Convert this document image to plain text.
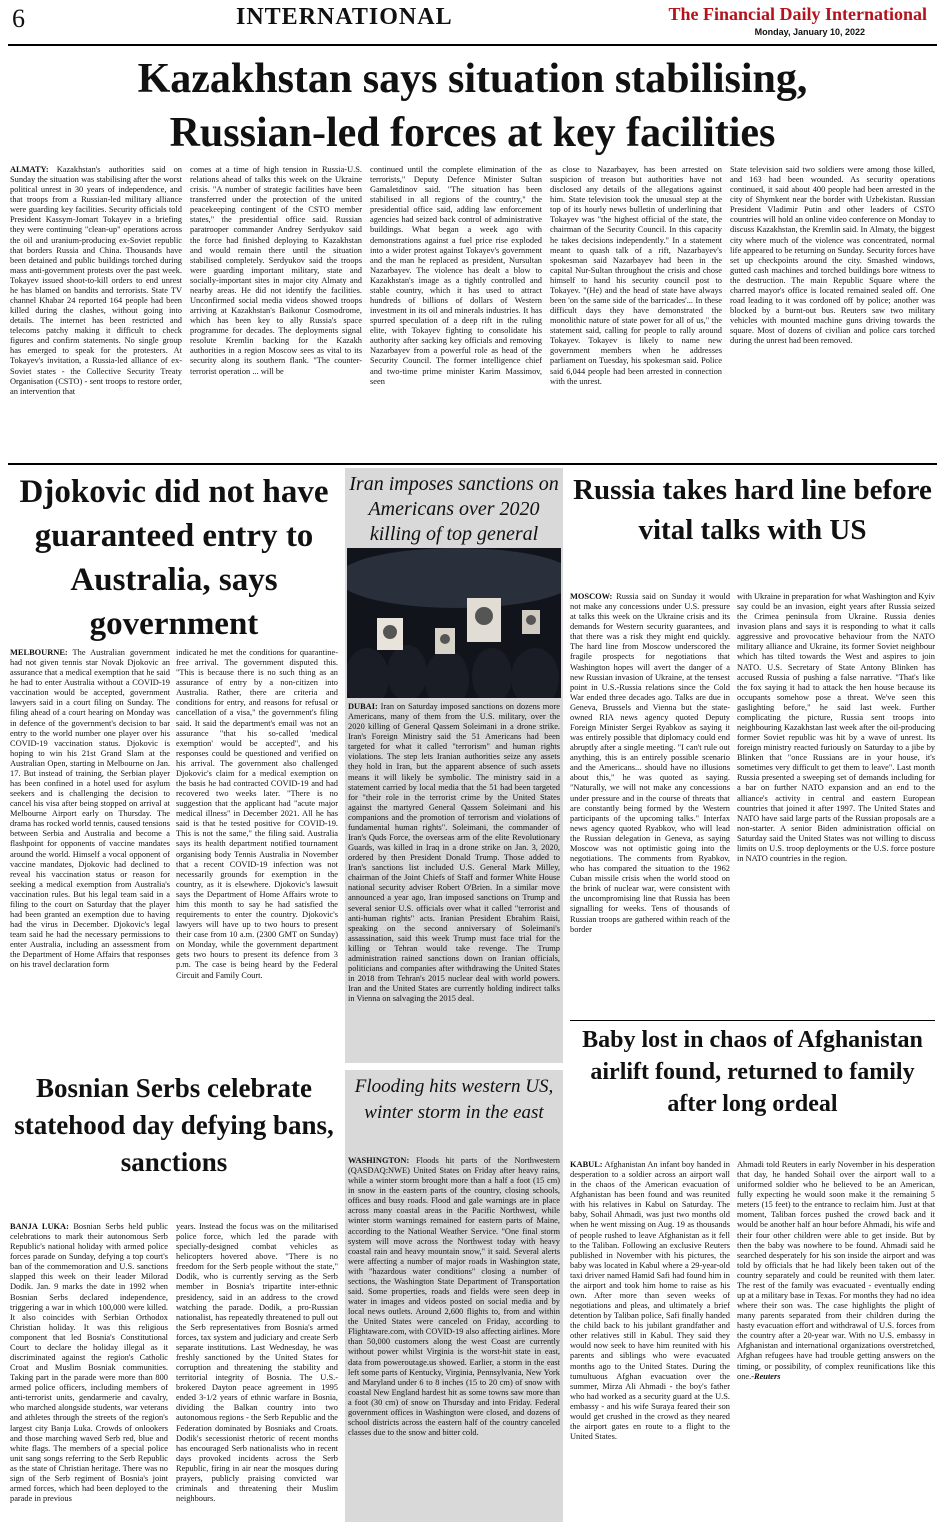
6	INTERNATIONAL	The Financial Daily International
Monday, January 10, 2022
Kazakhstan says situation stabilising,
Russian-led forces at key facilities

ALMATY: Kazakhstan's authorities said on Sunday the situation was stabilising after the worst political unrest in 30 years of independence, and that troops from a Russian-led military alliance were guarding key facilities. Security officials told President Kassym-Jomart Tokayev in a briefing they were continuing "clean-up" operations across the oil and uranium-producing ex-Soviet republic that borders Russia and China. Thousands have been detained and public buildings torched during mass anti-government protests over the past week. Tokayev issued shoot-to-kill orders to end unrest he has blamed on bandits and terrorists. State TV channel Khabar 24 reported 164 people had been killed during the clashes, without going into details. The internet has been restricted and telecoms patchy making it difficult to check figures and confirm statements. No single group has emerged to speak for the protesters. At Tokayev's invitation, a Russia-led alliance of ex-Soviet states - the Collective Security Treaty Organisation (CSTO) - sent troops to restore order, an intervention that

comes at a time of high tension in Russia-U.S. relations ahead of talks this week on the Ukraine crisis. "A number of strategic facilities have been transferred under the protection of the united peacekeeping contingent of the CSTO member states," the presidential office said. Russian paratrooper commander Andrey Serdyukov said the force had finished deploying to Kazakhstan and would remain there until the situation stabilised completely. Serdyukov said the troops were guarding important military, state and socially-important sites in major city Almaty and nearby areas. He did not identify the facilities. Unconfirmed social media videos showed troops arriving at Kazakhstan's Baikonur Cosmodrome, which has been key to ally Russia's space programme for decades. The deployments signal resolute Kremlin backing for the Kazakh authorities in a region Moscow sees as vital to its security along its southern flank. "The counter-terrorist operation ... will be

continued until the complete elimination of the terrorists," Deputy Defence Minister Sultan Gamaletdinov said. "The situation has been stabilised in all regions of the country," the presidential office said, adding law enforcement agencies had seized back control of administrative buildings. What began a week ago with demonstrations against a fuel price rise exploded into a wider protest against Tokayev's government and the man he replaced as president, Nursultan Nazarbayev. The violence has dealt a blow to Kazakhstan's image as a tightly controlled and stable country, which it has used to attract hundreds of billions of dollars of Western investment in its oil and minerals industries. It has spurred speculation of a deep rift in the ruling elite, with Tokayev fighting to consolidate his authority after sacking key officials and removing Nazarbayev from a powerful role as head of the Security Council. The former intelligence chief and two-time prime minister Karim Massimov, seen

as close to Nazarbayev, has been arrested on suspicion of treason but authorities have not disclosed any details of the allegations against him. State television took the unusual step at the top of its hourly news bulletin of underlining that Tokayev was "the highest official of the state, the chairman of the Security Council. In this capacity he takes decisions independently." In a statement meant to quash talk of a rift, Nazarbayev's spokesman said Nazarbayev had been in the capital Nur-Sultan throughout the crisis and chose himself to hand his security council post to Tokayev. "(He) and the head of state have always been 'on the same side of the barricades'... In these difficult days they have demonstrated the monolithic nature of state power for all of us," the statement said, calling for people to rally around Tokayev. Tokayev is likely to name new government members when he addresses parliament on Tuesday, his spokesman said. Police said 6,044 people had been arrested in connection with the unrest.

State television said two soldiers were among those killed, and 163 had been wounded. As security operations continued, it said about 400 people had been arrested in the city of Shymkent near the border with Uzbekistan. Russian President Vladimir Putin and other leaders of CSTO countries will hold an online video conference on Monday to discuss Kazakhstan, the Kremlin said. In Almaty, the biggest city where much of the violence was concentrated, normal life appeared to be returning on Sunday. Security forces have set up checkpoints around the city. Smashed windows, gutted cash machines and torched buildings bore witness to the destruction. The main Republic Square where the charred mayor's office is located remained sealed off. One road leading to it was cordoned off by police; another was blocked by a burnt-out bus. Reuters saw two military vehicles with mounted machine guns driving towards the square. Most of dozens of civilian and police cars torched during the unrest had been removed.

Djokovic did not have guaranteed entry to Australia, says government

MELBOURNE: The Australian government had not given tennis star Novak Djokovic an assurance that a medical exemption that he said he had to enter Australia without a COVID-19 vaccination would be accepted, government lawyers said in a court filing on Sunday. The filing ahead of a court hearing on Monday was in defence of the government's decision to bar entry to the world number one player over his COVID-19 vaccination status. Djokovic is hoping to win his 21st Grand Slam at the Australian Open, starting in Melbourne on Jan. 17. But instead of training, the Serbian player has been confined in a hotel used for asylum seekers and is challenging the decision to cancel his visa after being stopped on arrival at Melbourne Airport early on Thursday. The drama has rocked world tennis, caused tensions between Serbia and Australia and become a flashpoint for opponents of vaccine mandates around the world. Himself a vocal opponent of vaccine mandates, Djokovic had declined to reveal his vaccination status or reason for seeking a medical exemption from Australia's vaccination rules. But his legal team said in a filing to the court on Saturday that the player had been granted an exemption due to having had the virus in December. Djokovic's legal team said he had the necessary permissions to enter Australia, including an assessment from the Department of Home Affairs that responses on his travel declaration form

indicated he met the conditions for quarantine-free arrival. The government disputed this. "This is because there is no such thing as an assurance of entry by a non-citizen into Australia. Rather, there are criteria and conditions for entry, and reasons for refusal or cancellation of a visa," the government's filing said. It said the department's email was not an assurance "that his so-called 'medical exemption' would be accepted", and his responses could be questioned and verified on his arrival. The government also challenged Djokovic's claim for a medical exemption on the basis he had contracted COVID-19 and had recovered two weeks later. "There is no suggestion that the applicant had "acute major medical illness" in December 2021. All he has said is that he tested positive for COVID-19. This is not the same," the filing said. Australia says its health department notified tournament organising body Tennis Australia in November that a recent COVID-19 infection was not necessarily grounds for exemption in the country, as it is elsewhere. Djokovic's lawsuit says the Department of Home Affairs wrote to him this month to say he had satisfied the requirements to enter the country. Djokovic's lawyers will have up to two hours to present their case from 10 a.m. (2300 GMT on Sunday) on Monday, while the government department gets two hours to present its defence from 3 p.m. The case is being heard by the Federal Circuit and Family Court.

Iran imposes sanctions on Americans over 2020 killing of top general

DUBAI: Iran on Saturday imposed sanctions on dozens more Americans, many of them from the U.S. military, over the 2020 killing of General Qassem Soleimani in a drone strike. Iran's Foreign Ministry said the 51 Americans had been targeted for what it called "terrorism" and human rights violations. The step lets Iranian authorities seize any assets they hold in Iran, but the apparent absence of such assets means it will likely be symbolic. The ministry said in a statement carried by local media that the 51 had been targeted for "their role in the terrorist crime by the United States against the martyred General Qassem Soleimani and his companions and the promotion of terrorism and violations of fundamental human rights". Soleimani, the commander of Iran's Quds Force, the overseas arm of the elite Revolutionary Guards, was killed in Iraq in a drone strike on Jan. 3, 2020, ordered by then President Donald Trump. Those added to Iran's sanctions list included U.S. General Mark Milley, chairman of the Joint Chiefs of Staff and former White House national security adviser Robert O'Brien. In a similar move announced a year ago, Iran imposed sanctions on Trump and several senior U.S. officials over what it called "terrorist and anti-human rights" acts. Iranian President Ebrahim Raisi, speaking on the second anniversary of Soleimani's assassination, said this week Trump must face trial for the killing or Tehran would take revenge. The Trump administration rained sanctions down on Iranian officials, politicians and companies after withdrawing the United States in 2018 from Tehran's 2015 nuclear deal with world powers. Iran and the United States are currently holding indirect talks in Vienna on salvaging the 2015 deal.

Russia takes hard line before vital talks with US

MOSCOW: Russia said on Sunday it would not make any concessions under U.S. pressure at talks this week on the Ukraine crisis and its demands for Western security guarantees, and that there was a risk they might end quickly. The hard line from Moscow underscored the fragile prospects for negotiations that Washington hopes will avert the danger of a new Russian invasion of Ukraine, at the tensest point in U.S.-Russia relations since the Cold War ended three decades ago. Talks are due in Geneva, Brussels and Vienna but the state-owned RIA news agency quoted Deputy Foreign Minister Sergei Ryabkov as saying it was entirely possible that diplomacy could end abruptly after a single meeting. "I can't rule out anything, this is an entirely possible scenario and the Americans... should have no illusions about this," he was quoted as saying. "Naturally, we will not make any concessions under pressure and in the course of threats that are constantly being formed by the Western participants of the upcoming talks." Interfax news agency quoted Ryabkov, who will lead the Russian delegation in Geneva, as saying Moscow was not optimistic going into the negotiations. The comments from Ryabkov, who has compared the situation to the 1962 Cuban missile crisis when the world stood on the brink of nuclear war, were consistent with the uncompromising line that Russia has been signalling for weeks. Tens of thousands of Russian troops are gathered within reach of the border

with Ukraine in preparation for what Washington and Kyiv say could be an invasion, eight years after Russia seized the Crimea peninsula from Ukraine. Russia denies invasion plans and says it is responding to what it calls aggressive and provocative behaviour from the NATO military alliance and Ukraine, its former Soviet neighbour which has tilted towards the West and aspires to join NATO. U.S. Secretary of State Antony Blinken has accused Russia of pushing a false narrative. "That's like the fox saying it had to attack the hen house because its occupants somehow pose a threat. We've seen this gaslighting before," he said last week. Further complicating the picture, Russia sent troops into neighbouring Kazakhstan last week after the oil-producing former Soviet republic was hit by a wave of unrest. Its foreign ministry reacted furiously on Saturday to a jibe by Blinken that "once Russians are in your house, it's sometimes very difficult to get them to leave". Last month Russia presented a sweeping set of demands including for a bar on further NATO expansion and an end to the alliance's activity in central and eastern European countries that joined it after 1997. The United States and NATO have said large parts of the Russian proposals are a non-starter. A senior Biden administration official on Saturday said the United States was not willing to discuss limits on U.S. troop deployments or the U.S. force posture in NATO countries in the region.

Bosnian Serbs celebrate statehood day defying bans, sanctions

BANJA LUKA: Bosnian Serbs held public celebrations to mark their autonomous Serb Republic's national holiday with armed police forces parade on Sunday, defying a top court's ban of the commemoration and U.S. sanctions slapped this week on their leader Milorad Dodik. Jan. 9 marks the date in 1992 when Bosnian Serbs declared independence, triggering a war in which 100,000 were killed. It also coincides with Serbian Orthodox Christian holiday. It was this religious component that led Bosnia's Constitutional Court to declare the holiday illegal as it discriminated against the region's Catholic Croat and Muslim Bosniak communities. Taking part in the parade were more than 800 armed police officers, including members of anti-terrorist units, gendarmerie and cavalry, who marched alongside students, war veterans and athletes through the streets of the region's largest city Banja Luka. Crowds of onlookers and those marching waved Serb red, blue and white flags. The members of a special police unit sang songs referring to the Serb Republic as the state of Christian heritage. There was no sign of the Serb regiment of Bosnia's joint armed forces, which had been deployed to the parade in previous

years. Instead the focus was on the militarised police force, which led the parade with specially-designed combat vehicles as helicopters hovered above. "There is no freedom for the Serb people without the state," Dodik, who is currently serving as the Serb member in Bosnia's tripartite inter-ethnic presidency, said in an address to the crowd watching the parade. Dodik, a pro-Russian nationalist, has repeatedly threatened to pull out the Serb representatives from Bosnia's armed forces, tax system and judiciary and create Serb separate institutions. Last Wednesday, he was freshly sanctioned by the United States for corruption and threatening the stability and territorial integrity of Bosnia. The U.S.-brokered Dayton peace agreement in 1995 ended 3-1/2 years of ethnic warfare in Bosnia, dividing the Balkan country into two autonomous regions - the Serb Republic and the Federation dominated by Bosniaks and Croats. Dodik's secessionist rhetoric of recent months has encouraged Serb nationalists who in recent days provoked incidents across the Serb Republic, firing in air near the mosques during prayers, publicly praising convicted war criminals and threatening their Muslim neighbours.

Flooding hits western US, winter storm in the east

WASHINGTON: Floods hit parts of the Northwestern (QASDAQ:NWE) United States on Friday after heavy rains, while a winter storm brought more than a half a foot (15 cm) in snow in the eastern parts of the country, closing schools, offices and busy roads. Flood and gale warnings are in place across many coastal areas in the Pacific Northwest, while winter storm warnings remained for eastern parts of Maine, according to the National Weather Service. "One final storm system will move across the Northwest today with heavy coastal rain and heavy mountain snow," it said. Several alerts were affecting a number of major roads in Washington state, with "hazardous water conditions" closing a number of sections, the Washington State Department of Transportation said. Some properties, roads and fields were seen deep in water in images and videos posted on social media and by local news outlets. Around 2,600 flights to, from and within the United States were canceled on Friday, according to Flightaware.com, with COVID-19 also affecting airlines. More than 50,000 customers along the west Coast are currently without power whilst Virginia is the worst-hit state in east, data from poweroutage.us showed. Earlier, a storm in the east left some parts of Kentucky, Virginia, Pennsylvania, New York and Maryland under 6 to 8 inches (15 to 20 cm) of snow with coastal New England hardest hit as some towns saw more than a foot (30 cm) of snow on Thursday and into Friday. Federal government offices in Washington were closed, and dozens of school districts across the eastern half of the country canceled classes due to the snow and bitter cold.

Baby lost in chaos of Afghanistan airlift found, returned to family after long ordeal

KABUL: Afghanistan An infant boy handed in desperation to a soldier across an airport wall in the chaos of the American evacuation of Afghanistan has been found and was reunited with his relatives in Kabul on Saturday. The baby, Sohail Ahmadi, was just two months old when he went missing on Aug. 19 as thousands of people rushed to leave Afghanistan as it fell to the Taliban. Following an exclusive Reuters published in November with his pictures, the baby was located in Kabul where a 29-year-old taxi driver named Hamid Safi had found him in the airport and took him home to raise as his own. After more than seven weeks of negotiations and pleas, and ultimately a brief detention by Taliban police, Safi finally handed the child back to his jubilant grandfather and other relatives still in Kabul. They said they would now seek to have him reunited with his parents and siblings who were evacuated months ago to the United States. During the tumultuous Afghan evacuation over the summer, Mirza Ali Ahmadi - the boy's father who had worked as a security guard at the U.S. embassy - and his wife Suraya feared their son would get crushed in the crowd as they neared the airport gates en route to a flight to the United States.

Ahmadi told Reuters in early November in his desperation that day, he handed Sohail over the airport wall to a uniformed soldier who he believed to be an American, fully expecting he would soon make it the remaining 5 meters (15 feet) to the entrance to reclaim him. Just at that moment, Taliban forces pushed the crowd back and it would be another half an hour before Ahmadi, his wife and their four other children were able to get inside. But by then the baby was nowhere to be found. Ahmadi said he searched desperately for his son inside the airport and was told by officials that he had likely been taken out of the country separately and could be reunited with them later. The rest of the family was evacuated - eventually ending up at a military base in Texas. For months they had no idea where their son was. The case highlights the plight of many parents separated from their children during the hasty evacuation effort and withdrawal of U.S. forces from the country after a 20-year war. With no U.S. embassy in Afghanistan and international organizations overstretched, Afghan refugees have had trouble getting answers on the timing, or possibility, of complex reunifications like this one.-Reuters
